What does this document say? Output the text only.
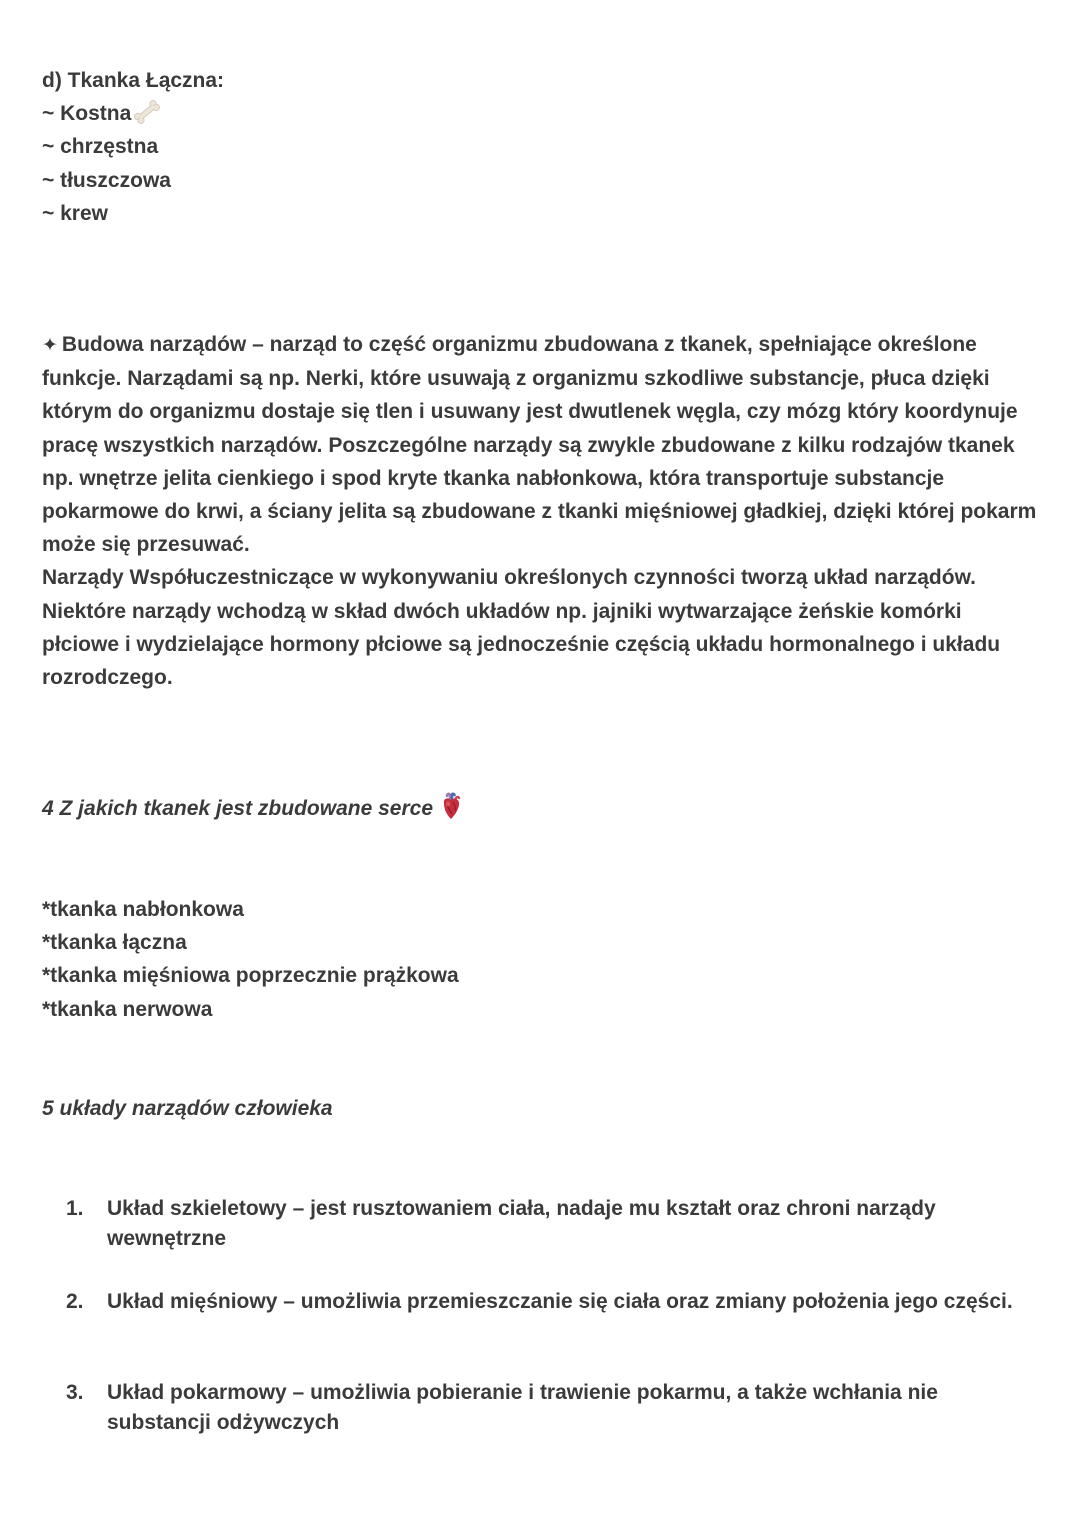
d) Tkanka Łączna:
~ Kostna
~ chrzęstna
~ tłuszczowa
~ krew
✦ Budowa narządów – narząd to część organizmu zbudowana z tkanek, spełniające określone funkcje. Narządami są np. Nerki, które usuwają z organizmu szkodliwe substancje, płuca dzięki którym do organizmu dostaje się tlen i usuwany jest dwutlenek węgla, czy mózg który koordynuje pracę wszystkich narządów. Poszczególne narządy są zwykle zbudowane z kilku rodzajów tkanek np. wnętrze jelita cienkiego i spod kryte tkanka nabłonkowa, która transportuje substancje pokarmowe do krwi, a ściany jelita są zbudowane z tkanki mięśniowej gładkiej, dzięki której pokarm może się przesuwać.
Narządy Współuczestniczące w wykonywaniu określonych czynności tworzą układ narządów. Niektóre narządy wchodzą w skład dwóch układów np. jajniki wytwarzające żeńskie komórki płciowe i wydzielające hormony płciowe są jednocześnie częścią układu hormonalnego i układu rozrodczego.
4 Z jakich tkanek jest zbudowane serce
*tkanka nabłonkowa
*tkanka łączna
*tkanka mięśniowa poprzecznie prążkowa
*tkanka nerwowa
5 układy narządów człowieka
1.	Układ szkieletowy – jest rusztowaniem ciała, nadaje mu kształt oraz chroni narządy wewnętrzne
2.	Układ mięśniowy – umożliwia przemieszczanie się ciała oraz zmiany położenia jego części.
3.	Układ pokarmowy – umożliwia pobieranie i trawienie pokarmu, a także wchłania nie substancji odżywczych
